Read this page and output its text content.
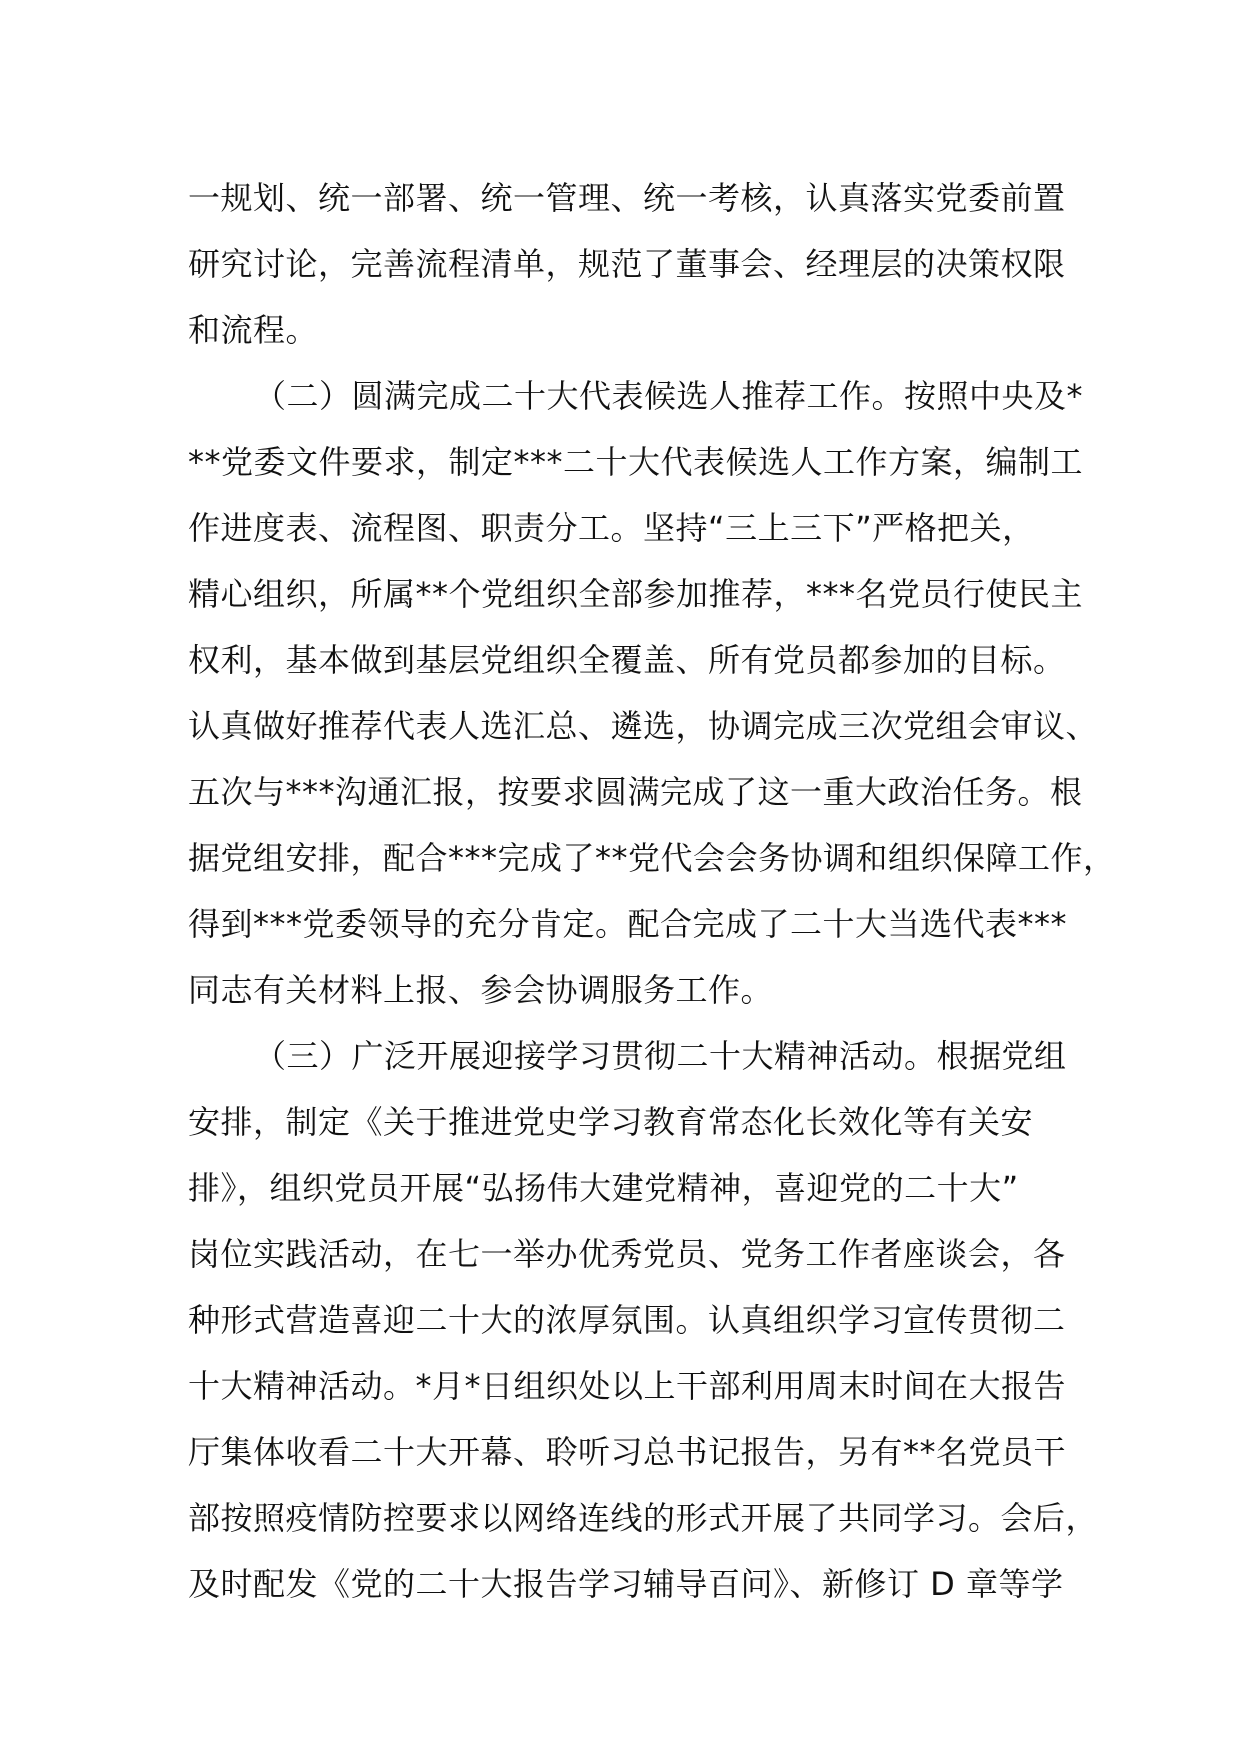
一规划、统一部署、统一管理、统一考核，认真落实党委前置
研究讨论，完善流程清单，规范了董事会、经理层的决策权限
和流程。
（二）圆满完成二十大代表候选人推荐工作。按照中央及*
**党委文件要求，制定***二十大代表候选人工作方案，编制工
作进度表、流程图、职责分工。坚持“三上三下”严格把关，
精心组织，所属**个党组织全部参加推荐，***名党员行使民主
权利，基本做到基层党组织全覆盖、所有党员都参加的目标。
认真做好推荐代表人选汇总、遴选，协调完成三次党组会审议、
五次与***沟通汇报，按要求圆满完成了这一重大政治任务。根
据党组安排，配合***完成了**党代会会务协调和组织保障工作，
得到***党委领导的充分肯定。配合完成了二十大当选代表***
同志有关材料上报、参会协调服务工作。
（三）广泛开展迎接学习贯彻二十大精神活动。根据党组
安排，制定《关于推进党史学习教育常态化长效化等有关安
排》，组织党员开展“弘扬伟大建党精神，喜迎党的二十大”
岗位实践活动，在七一举办优秀党员、党务工作者座谈会，各
种形式营造喜迎二十大的浓厚氛围。认真组织学习宣传贯彻二
十大精神活动。*月*日组织处以上干部利用周末时间在大报告
厅集体收看二十大开幕、聆听习总书记报告，另有**名党员干
部按照疫情防控要求以网络连线的形式开展了共同学习。会后，
及时配发《党的二十大报告学习辅导百问》、新修订 D 章等学
